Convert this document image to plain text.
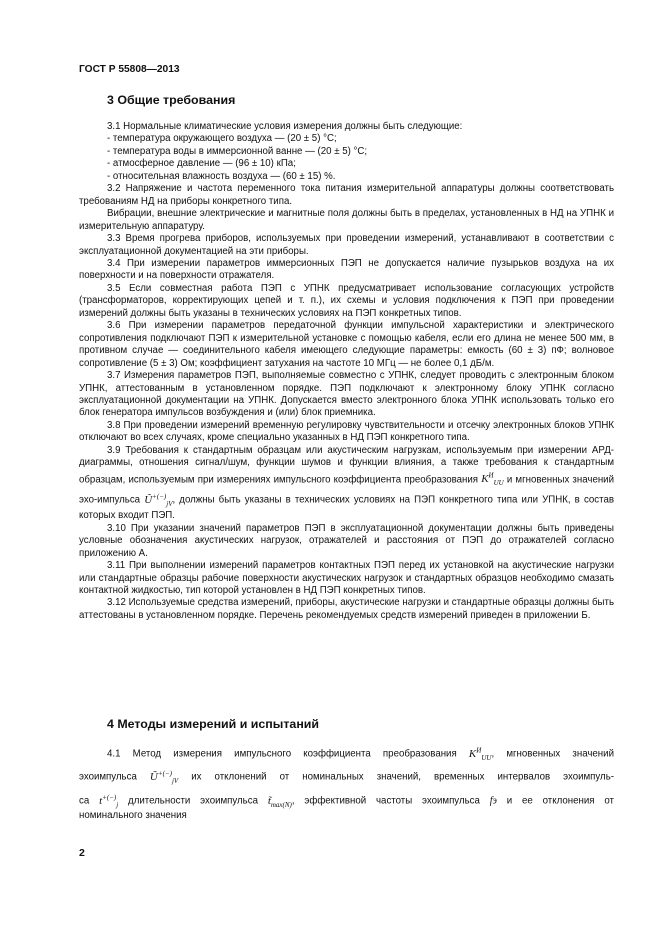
ГОСТ Р 55808—2013
3 Общие требования

3.1 Нормальные климатические условия измерения должны быть следующие:

- температура окружающего воздуха — (20 ± 5) °С;

- температура воды в иммерсионной ванне — (20 ± 5) °С;

- атмосферное давление — (96 ± 10) кПа;

- относительная влажность воздуха — (60 ± 15) %.

3.2 Напряжение и частота переменного тока питания измерительной аппаратуры должны соответствовать требованиям НД на приборы конкретного типа.

Вибрации, внешние электрические и магнитные поля должны быть в пределах, установленных в НД на УПНК и измерительную аппаратуру.

3.3 Время прогрева приборов, используемых при проведении измерений, устанавливают в соответствии с эксплуатационной документацией на эти приборы.

3.4 При измерении параметров иммерсионных ПЭП не допускается наличие пузырьков воздуха на их поверхности и на поверхности отражателя.

3.5 Если совместная работа ПЭП с УПНК предусматривает использование согласующих устройств (трансформаторов, корректирующих цепей и т. п.), их схемы и условия подключения к ПЭП при проведении измерений должны быть указаны в технических условиях на ПЭП конкретных типов.

3.6 При измерении параметров передаточной функции импульсной характеристики и электрического сопротивления подключают ПЭП к измерительной установке с помощью кабеля, если его длина не менее 500 мм, в противном случае — соединительного кабеля имеющего следующие параметры: емкость (60 ± 3) пФ; волновое сопротивление (5 ± 3) Ом; коэффициент затухания на частоте 10 МГц — не более 0,1 дБ/м.

3.7 Измерения параметров ПЭП, выполняемые совместно с УПНК, следует проводить с электронным блоком УПНК, аттестованным в установленном порядке. ПЭП подключают к электронному блоку УПНК согласно эксплуатационной документации на УПНК. Допускается вместо электронного блока УПНК использовать только его блок генератора импульсов возбуждения и (или) блок приемника.

3.8 При проведении измерений временную регулировку чувствительности и отсечку электронных блоков УПНК отключают во всех случаях, кроме специально указанных в НД ПЭП конкретного типа.

3.9 Требования к стандартным образцам или акустическим нагрузкам, используемым при измерении АРД-диаграммы, отношения сигнал/шум, функции шумов и функции влияния, а также требования к стандартным образцам, используемым при измерениях импульсного коэффициента преобразования $K^И_{UU}$ и мгновенных значений эхо-импульса $Ũ^{+(-)}_{jV}$, должны быть указаны в технических условиях на ПЭП конкретного типа или УПНК, в состав которых входит ПЭП.

3.10 При указании значений параметров ПЭП в эксплуатационной документации должны быть приведены условные обозначения акустических нагрузок, отражателей и расстояния от ПЭП до отражателей согласно приложению А.

3.11 При выполнении измерений параметров контактных ПЭП перед их установкой на акустические нагрузки или стандартные образцы рабочие поверхности акустических нагрузок и стандартных образцов необходимо смазать контактной жидкостью, тип которой установлен в НД ПЭП конкретных типов.

3.12 Используемые средства измерений, приборы, акустические нагрузки и стандартные образцы должны быть аттестованы в установленном порядке. Перечень рекомендуемых средств измерений приведен в приложении Б.

4 Методы измерений и испытаний
4.1 Метод измерения импульсного коэффициента преобразования $K^И_{UU}$, мгновенных значений
эхоимпульса $Ũ^{+(-)}_{jV}$ их отклонений от номинальных значений, временных интервалов эхоимпуль-
са $t^{+(-)}_j$ длительности эхоимпульса $t̃_{max(N)}$, эффективной частоты эхоимпульса fэ и ее отклонения от
номинального значения
2
